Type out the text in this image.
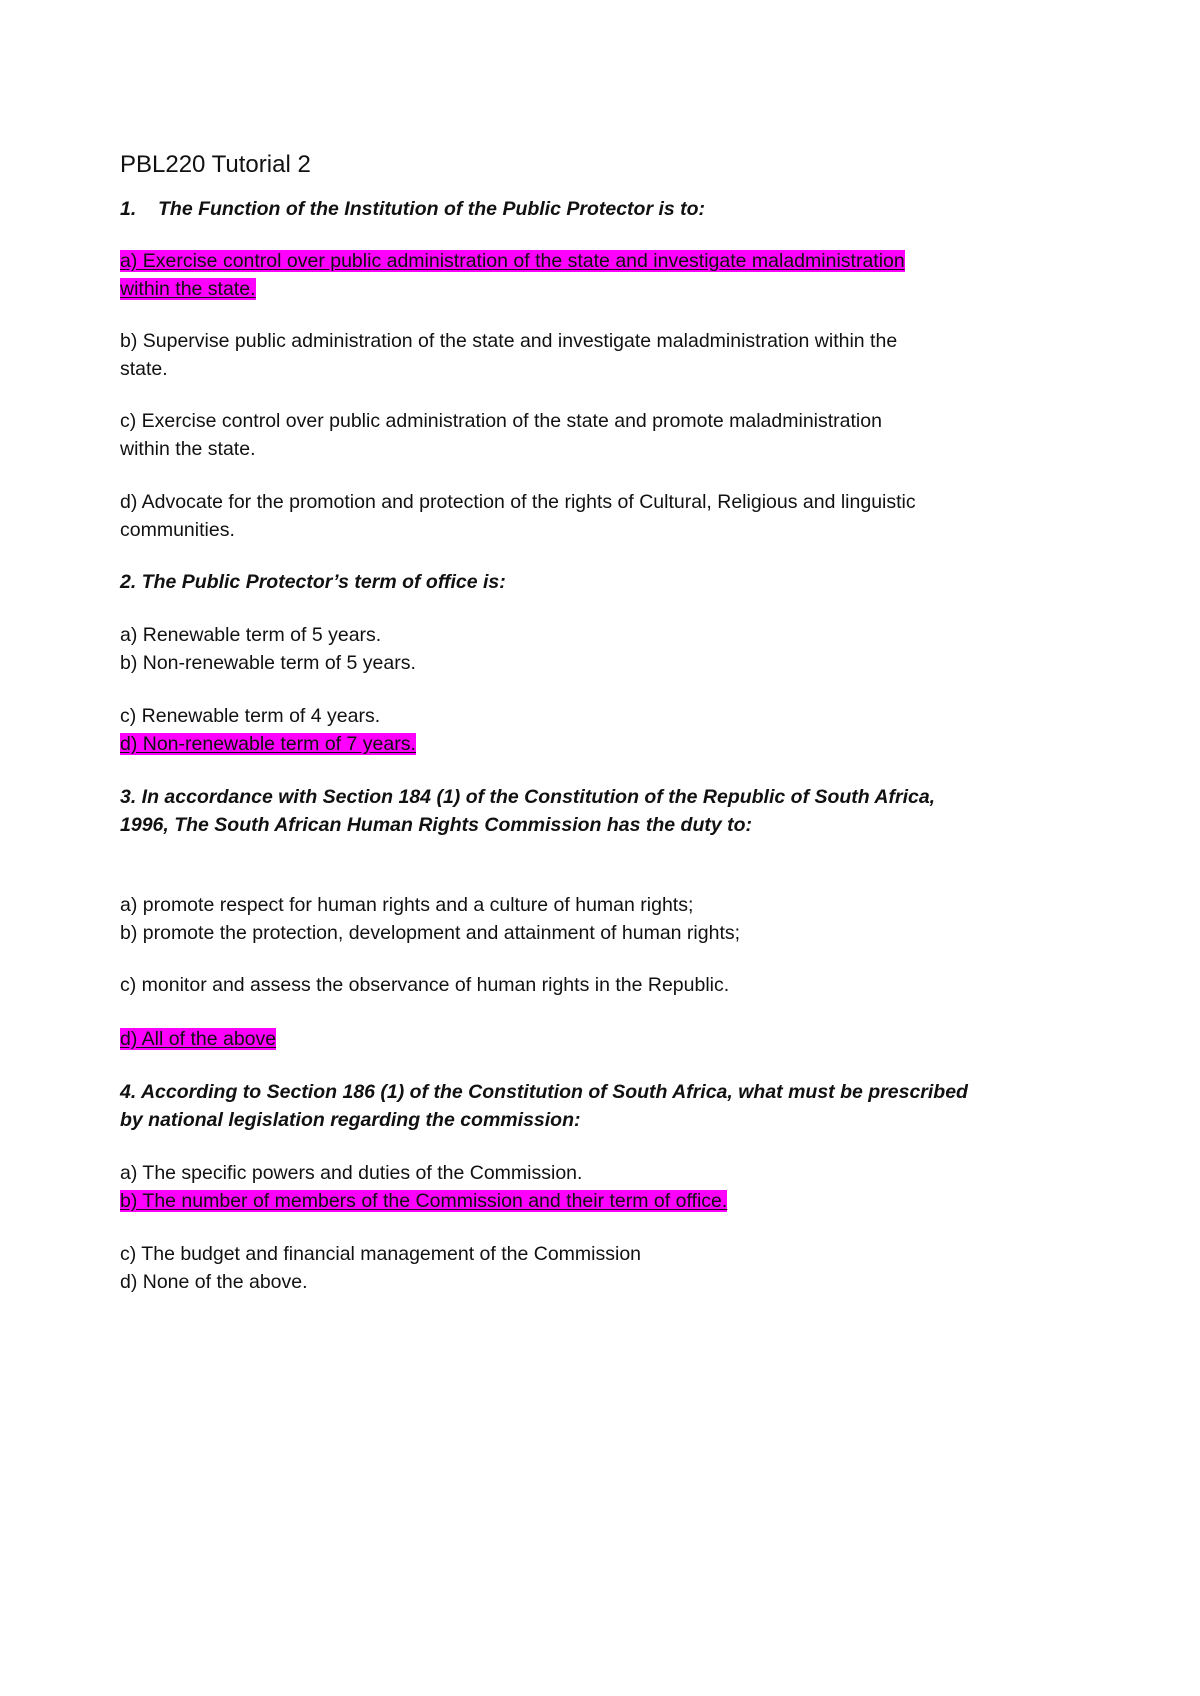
PBL220 Tutorial 2

1. The Function of the Institution of the Public Protector is to:

a) Exercise control over public administration of the state and investigate maladministration

within the state.

b) Supervise public administration of the state and investigate maladministration within the

state.

c) Exercise control over public administration of the state and promote maladministration

within the state.

d) Advocate for the promotion and protection of the rights of Cultural, Religious and linguistic

communities.

2. The Public Protector’s term of office is:

a) Renewable term of 5 years.

b) Non-renewable term of 5 years.

c) Renewable term of 4 years.

d) Non-renewable term of 7 years.

3. In accordance with Section 184 (1) of the Constitution of the Republic of South Africa,

1996, The South African Human Rights Commission has the duty to:

a) promote respect for human rights and a culture of human rights;

b) promote the protection, development and attainment of human rights;

c) monitor and assess the observance of human rights in the Republic.

d) All of the above

4. According to Section 186 (1) of the Constitution of South Africa, what must be prescribed

by national legislation regarding the commission:

a) The specific powers and duties of the Commission.

b) The number of members of the Commission and their term of office.

c) The budget and financial management of the Commission

d) None of the above.
